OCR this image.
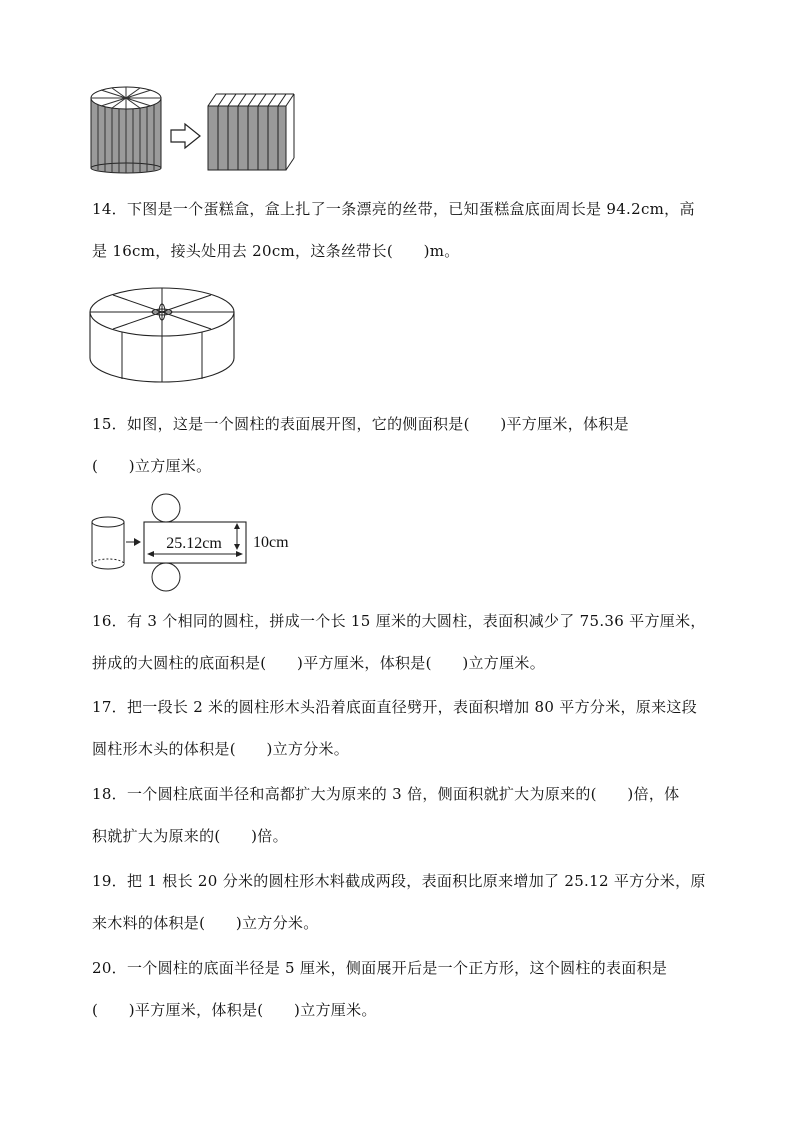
14．下图是一个蛋糕盒，盒上扎了一条漂亮的丝带，已知蛋糕盒底面周长是 94.2cm，高
是 16cm，接头处用去 20cm，这条丝带长(　　)m。
15．如图，这是一个圆柱的表面展开图，它的侧面积是(　　)平方厘米，体积是
(　　)立方厘米。
25.12cm 10cm
16．有 3 个相同的圆柱，拼成一个长 15 厘米的大圆柱，表面积减少了 75.36 平方厘米，
拼成的大圆柱的底面积是(　　)平方厘米，体积是(　　)立方厘米。
17．把一段长 2 米的圆柱形木头沿着底面直径劈开，表面积增加 80 平方分米，原来这段
圆柱形木头的体积是(　　)立方分米。
18．一个圆柱底面半径和高都扩大为原来的 3 倍，侧面积就扩大为原来的(　　)倍，体
积就扩大为原来的(　　)倍。
19．把 1 根长 20 分米的圆柱形木料截成两段，表面积比原来增加了 25.12 平方分米，原
来木料的体积是(　　)立方分米。
20．一个圆柱的底面半径是 5 厘米，侧面展开后是一个正方形，这个圆柱的表面积是
(　　)平方厘米，体积是(　　)立方厘米。
